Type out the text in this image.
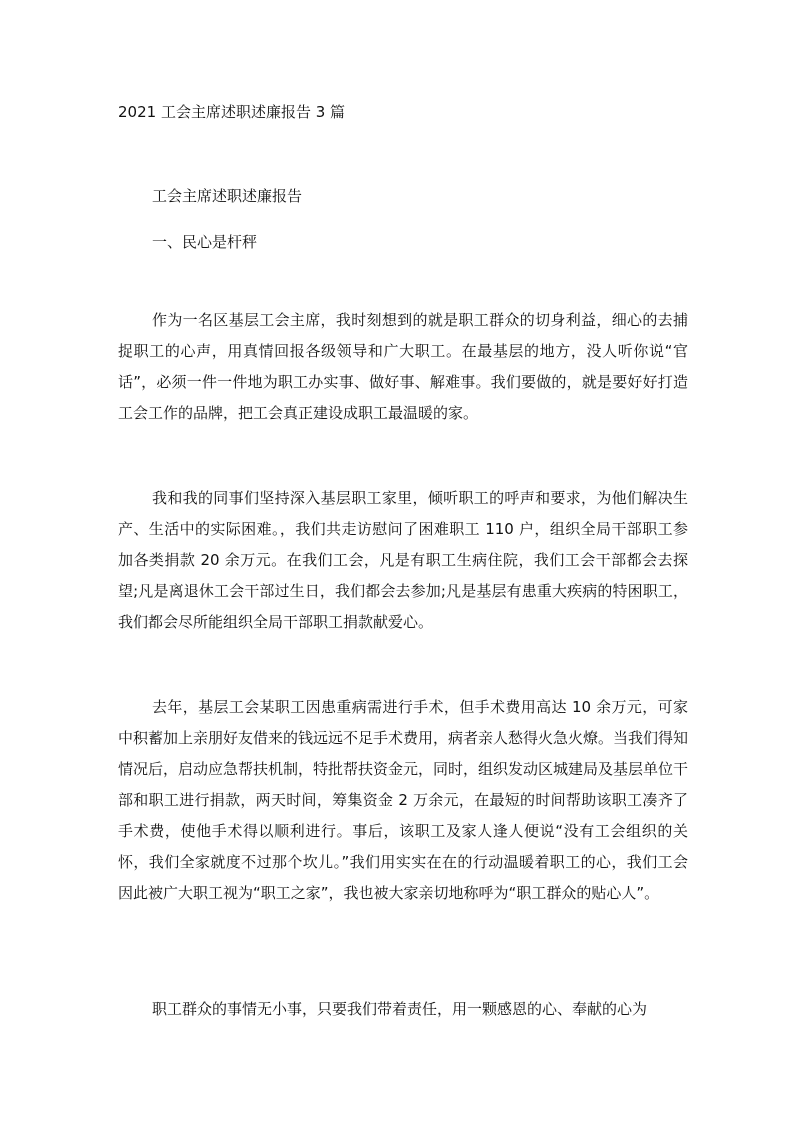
2021 工会主席述职述廉报告 3 篇
工会主席述职述廉报告
一、民心是杆秤

作为一名区基层工会主席，我时刻想到的就是职工群众的切身利益，细心的去捕捉职工的心声，用真情回报各级领导和广大职工。在最基层的地方，没人听你说“官话”，必须一件一件地为职工办实事、做好事、解难事。我们要做的，就是要好好打造工会工作的品牌，把工会真正建设成职工最温暖的家。

我和我的同事们坚持深入基层职工家里，倾听职工的呼声和要求，为他们解决生产、生活中的实际困难。，我们共走访慰问了困难职工 110 户，组织全局干部职工参加各类捐款 20 余万元。在我们工会，凡是有职工生病住院，我们工会干部都会去探望;凡是离退休工会干部过生日，我们都会去参加;凡是基层有患重大疾病的特困职工，我们都会尽所能组织全局干部职工捐款献爱心。

去年，基层工会某职工因患重病需进行手术，但手术费用高达 10 余万元，可家中积蓄加上亲朋好友借来的钱远远不足手术费用，病者亲人愁得火急火燎。当我们得知情况后，启动应急帮扶机制，特批帮扶资金元，同时，组织发动区城建局及基层单位干部和职工进行捐款，两天时间，筹集资金 2 万余元，在最短的时间帮助该职工凑齐了手术费，使他手术得以顺利进行。事后，该职工及家人逢人便说“没有工会组织的关怀，我们全家就度不过那个坎儿。”我们用实实在在的行动温暖着职工的心，我们工会因此被广大职工视为“职工之家”，我也被大家亲切地称呼为“职工群众的贴心人”。

职工群众的事情无小事，只要我们带着责任，用一颗感恩的心、奉献的心为
